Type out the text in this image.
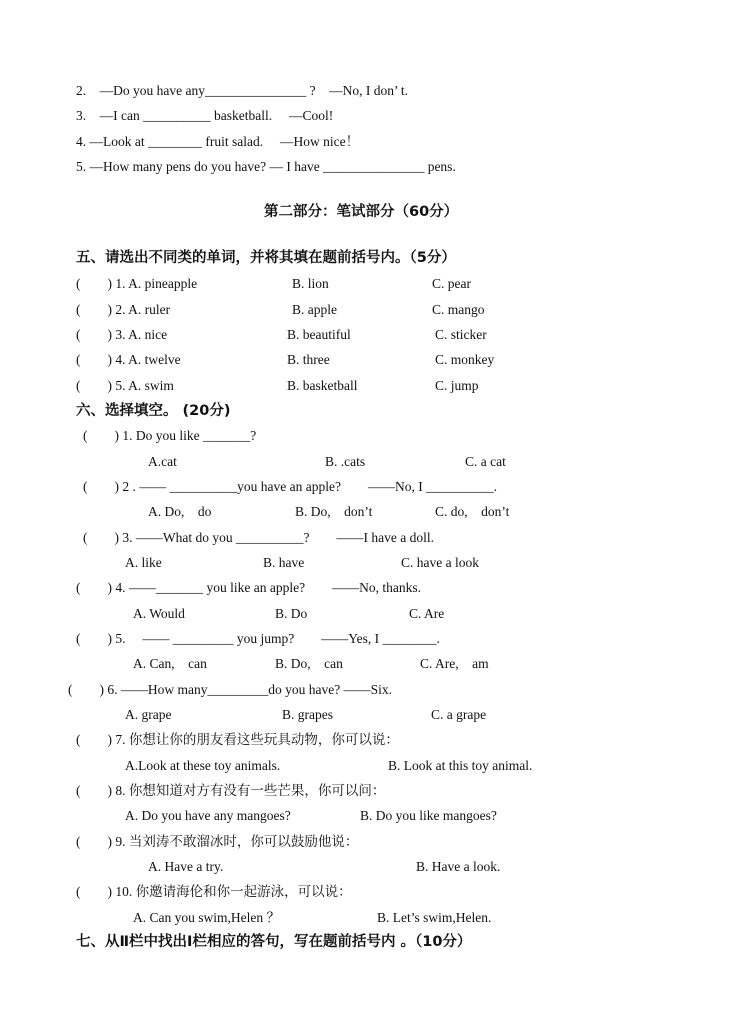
2.　—Do you have any_______________ ?　—No, I don’ t.
3.　—I can __________ basketball.　 —Cool!
4. —Look at ________ fruit salad.　 —How nice！
5. —How many pens do you have? — I have _______________ pens.
第二部分：笔试部分（60分）
五、请选出不同类的单词，并将其填在题前括号内。（5分）
(　　) 1. A. pineapple	B. lion	C. pear
(　　) 2. A. ruler	B. apple	C. mango
(　　) 3. A. nice	B. beautiful	C. sticker
(　　) 4. A. twelve	B. three	C. monkey
(　　) 5. A. swim	B. basketball	C. jump
六、选择填空。 (20分)
(　　) 1. Do you like _______?
A.cat	B. .cats	C. a cat
(　　) 2 . —— __________you have an apple?　　——No, I __________.
A. Do,　do	B. Do,　don’t	C. do,　don’t
(　　) 3. ——What do you __________?　　——I have a doll.
A. like	B. have	C. have a look
(　　) 4. ——_______ you like an apple?　　——No, thanks.
A. Would	B. Do	C. Are
(　　) 5.　 —— _________ you jump?　　——Yes, I ________.
A. Can,　can	B. Do,　can	C. Are,　am
(　　) 6. ——How many_________do you have? ——Six.
A. grape	B. grapes	C. a grape
(　　) 7. 你想让你的朋友看这些玩具动物，你可以说：
A.Look at these toy animals.	B. Look at this toy animal.
(　　) 8. 你想知道对方有没有一些芒果，你可以问：
A. Do you have any mangoes?	B. Do you like mangoes?
(　　) 9. 当刘涛不敢溜冰时，你可以鼓励他说：
A. Have a try.	B. Have a look.
(　　) 10. 你邀请海伦和你一起游泳，可以说：
A. Can you swim,Helen ？	B. Let’s swim,Helen.
七、从Ⅱ栏中找出Ⅰ栏相应的答句，写在题前括号内 。（10分）
